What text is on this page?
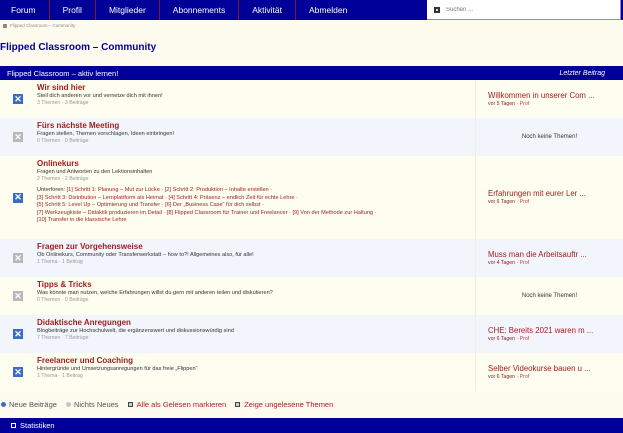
Forum	Profil	Mitglieder	Abonnements	Aktivität	Abmelden
Suchen ...
Flipped Classroom – Community
Flipped Classroom – Community
Flipped Classroom – aktiv lernen!	Letzter Beitrag
✕
Wir sind hier
Stell dich anderen vor und vernetze dich mit ihnen!
3 Themen · 3 Beiträge
Willkommen in unserer Com ...
vor 5 Tagen · Prof
✕
Fürs nächste Meeting
Fragen stellen, Themen vorschlagen, Ideen einbringen!
0 Themen · 0 Beiträge
Noch keine Themen!
✕
Onlinekurs
Fragen und Antworten zu den Lektionsinhalten
2 Themen · 2 Beiträge
Unterforen: [1] Schritt 1: Planung – Mut zur Lücke · [2] Schritt 2: Produktion – Inhalte erstellen ·
[3] Schritt 3: Distribution – Lernplattform als Heimat · [4] Schritt 4: Präsenz – endlich Zeit für echte Lehre ·
[5] Schritt 5: Level Up – Optimierung und Transfer · [6] Der „Business Case“ für dich selbst ·
[7] Werkzeugkiste – Didaktik produzieren im Detail · [8] Flipped Classroom für Trainer und Freelancer · [9] Von der Methode zur Haltung ·
[10] Transfer in die klassische Lehre
Erfahrungen mit eurer Ler ...
vor 6 Tagen · Prof
✕
Fragen zur Vorgehensweise
Ob Onlinekurs, Community oder Transferwerkstatt – how to?! Allgemeines also, für alle!
1 Thema · 1 Beitrag
Muss man die Arbeitsauftr ...
vor 4 Tagen · Prof
✕
Tipps & Tricks
Was könnte man nutzen, welche Erfahrungen willst du gern mit anderen teilen und diskutieren?
0 Themen · 0 Beiträge
Noch keine Themen!
✕
Didaktische Anregungen
Blogbeiträge zur Hochschulwelt, die ergänzenswert und diskussionswürdig sind
7 Themen · 7 Beiträge
CHE: Bereits 2021 waren m ...
vor 6 Tagen · Prof
✕
Freelancer und Coaching
Hintergründe und Umsetzungsanregungen für das freie „Flippen“
1 Thema · 1 Beitrag
Selber Videokurse bauen u ...
vor 6 Tagen · Prof
Neue Beiträge Nichts Neues Alle als Gelesen markieren Zeige ungelesene Themen
Statistiken
